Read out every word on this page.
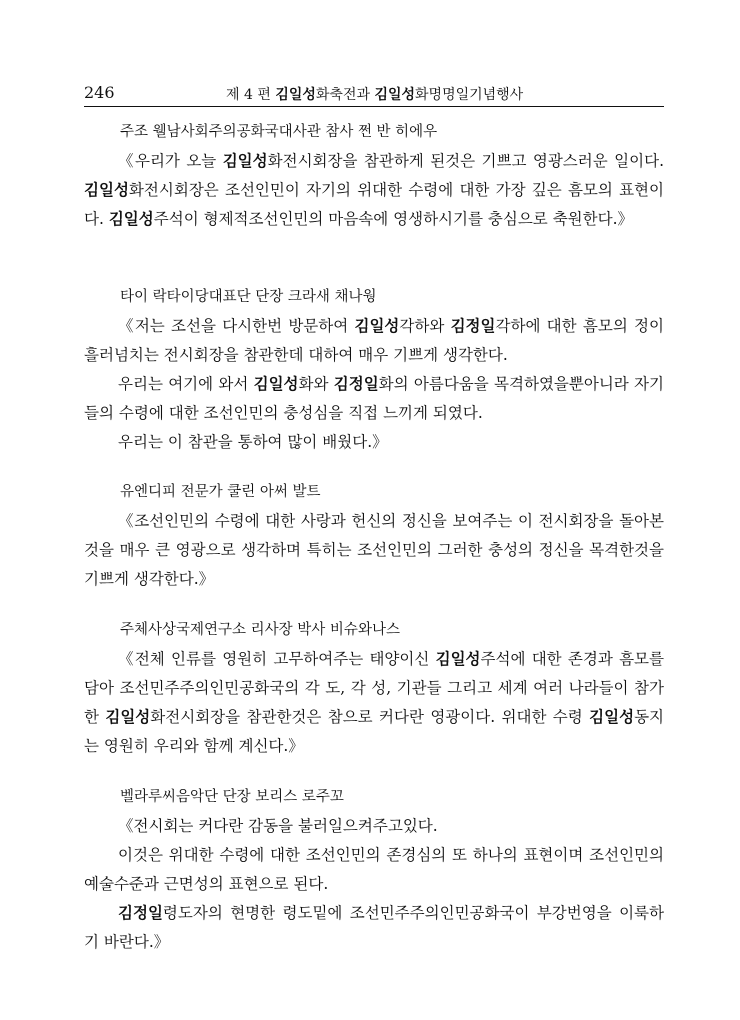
246	제 4 편 김일성화축전과 김일성화명명일기념행사
주조 웰남사회주의공화국대사관 참사 쩐 반 히에우

《우리가 오늘 김일성화전시회장을 참관하게 된것은 기쁘고 영광스러운 일이다. 김일성화전시회장은 조선인민이 자기의 위대한 수령에 대한 가장 깊은 흠모의 표현이다. 김일성주석이 형제적조선인민의 마음속에 영생하시기를 충심으로 축원한다.》

타이 락타이당대표단 단장 크라새 채나웡

《저는 조선을 다시한번 방문하여 김일성각하와 김정일각하에 대한 흠모의 정이 흘러넘치는 전시회장을 참관한데 대하여 매우 기쁘게 생각한다.

우리는 여기에 와서 김일성화와 김정일화의 아름다움을 목격하였을뿐아니라 자기들의 수령에 대한 조선인민의 충성심을 직접 느끼게 되였다.

우리는 이 참관을 통하여 많이 배웠다.》

유엔디피 전문가 쿨린 아써 발트

《조선인민의 수령에 대한 사랑과 헌신의 정신을 보여주는 이 전시회장을 돌아본것을 매우 큰 영광으로 생각하며 특히는 조선인민의 그러한 충성의 정신을 목격한것을 기쁘게 생각한다.》

주체사상국제연구소 리사장 박사 비슈와나스

《전체 인류를 영원히 고무하여주는 태양이신 김일성주석에 대한 존경과 흠모를 담아 조선민주주의인민공화국의 각 도, 각 성, 기관들 그리고 세계 여러 나라들이 참가한 김일성화전시회장을 참관한것은 참으로 커다란 영광이다. 위대한 수령 김일성동지는 영원히 우리와 함께 계신다.》

벨라루씨음악단 단장 보리스 로주꼬

《전시회는 커다란 감동을 불러일으켜주고있다.

이것은 위대한 수령에 대한 조선인민의 존경심의 또 하나의 표현이며 조선인민의 예술수준과 근면성의 표현으로 된다.

김정일령도자의 현명한 령도밑에 조선민주주의인민공화국이 부강번영을 이룩하기 바란다.》
